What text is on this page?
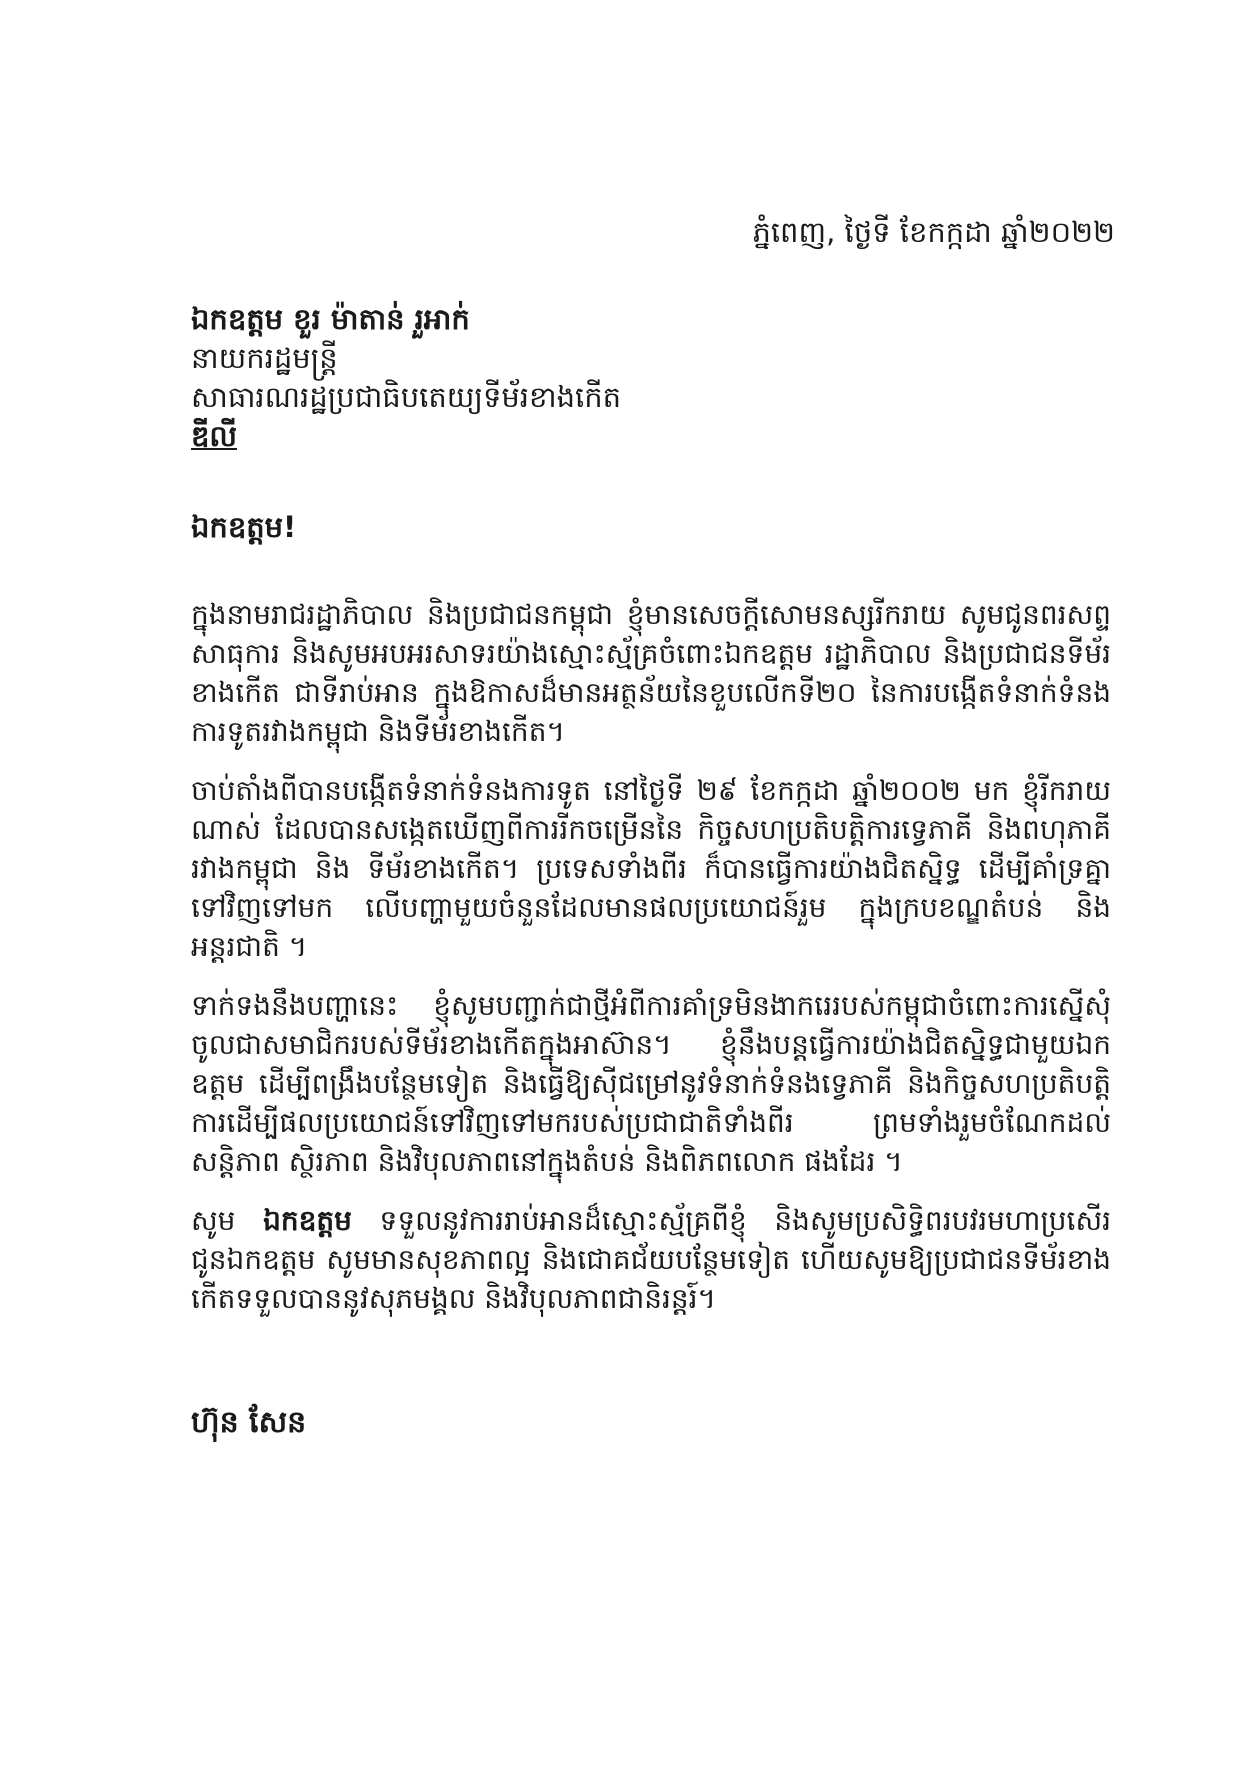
ភ្នំពេញ, ថ្ងៃទី ខែកក្កដា ឆ្នាំ២០២២
ឯកឧត្តម ខួរ ម៉ាតាន់ រួអាក់
នាយករដ្ឋមន្ត្រី
សាធារណរដ្ឋប្រជាធិបតេយ្យទីម័រខាងកើត
ឌីលី
ឯកឧត្តម!

ក្នុងនាមរាជរដ្ឋាភិបាល និងប្រជាជនកម្ពុជា ខ្ញុំមានសេចក្តីសោមនស្សរីករាយ សូមជូនពរសព្ទសាធុការ និងសូមអបអរសាទរយ៉ាងស្មោះស្ម័គ្រចំពោះឯកឧត្តម រដ្ឋាភិបាល និងប្រជាជនទីម័រខាងកើត ជាទីរាប់អាន ក្នុងឱកាសដ៏មានអត្ថន័យនៃខួបលើកទី២០ នៃការបង្កើតទំនាក់ទំនងការទូតរវាងកម្ពុជា និងទីម័រខាងកើត។

ចាប់តាំងពីបានបង្កើតទំនាក់ទំនងការទូត នៅថ្ងៃទី ២៩ ខែកក្កដា ឆ្នាំ២០០២ មក ខ្ញុំរីករាយណាស់ ដែលបានសង្កេតឃើញពីការរីកចម្រើននៃ កិច្ចសហប្រតិបត្តិការទ្វេភាគី និងពហុភាគី រវាងកម្ពុជា និង ទីម័រខាងកើត។ ប្រទេសទាំងពីរ ក៏បានធ្វើការយ៉ាងជិតស្និទ្ធ ដើម្បីគាំទ្រគ្នាទៅវិញទៅមក លើបញ្ហាមួយចំនួនដែលមានផលប្រយោជន៍រួម ក្នុងក្របខណ្ឌតំបន់ និងអន្តរជាតិ ។

ទាក់ទងនឹងបញ្ហានេះ ខ្ញុំសូមបញ្ជាក់ជាថ្មីអំពីការគាំទ្រមិនងាករេរបស់កម្ពុជាចំពោះការស្នើសុំចូលជាសមាជិករបស់ទីម័រខាងកើតក្នុងអាស៊ាន។ ខ្ញុំនឹងបន្តធ្វើការយ៉ាងជិតស្និទ្ធជាមួយឯកឧត្តម ដើម្បីពង្រឹងបន្ថែមទៀត និងធ្វើឱ្យស៊ីជម្រៅនូវទំនាក់ទំនងទ្វេភាគី និងកិច្ចសហប្រតិបត្តិការដើម្បីផលប្រយោជន៍ទៅវិញទៅមករបស់ប្រជាជាតិទាំងពីរ ព្រមទាំងរួមចំណែកដល់សន្តិភាព ស្ថិរភាព និងវិបុលភាពនៅក្នុងតំបន់ និងពិភពលោក ផងដែរ ។

សូម ឯកឧត្តម ទទួលនូវការរាប់អានដ៏ស្មោះស្ម័គ្រពីខ្ញុំ និងសូមប្រសិទ្ធិពរបវរមហាប្រសើរ ជូនឯកឧត្តម សូមមានសុខភាពល្អ និងជោគជ័យបន្ថែមទៀត ហើយសូមឱ្យប្រជាជនទីម័រខាងកើតទទួលបាននូវសុភមង្គល និងវិបុលភាពជានិរន្តរ៍។

ហ៊ុន សែន
